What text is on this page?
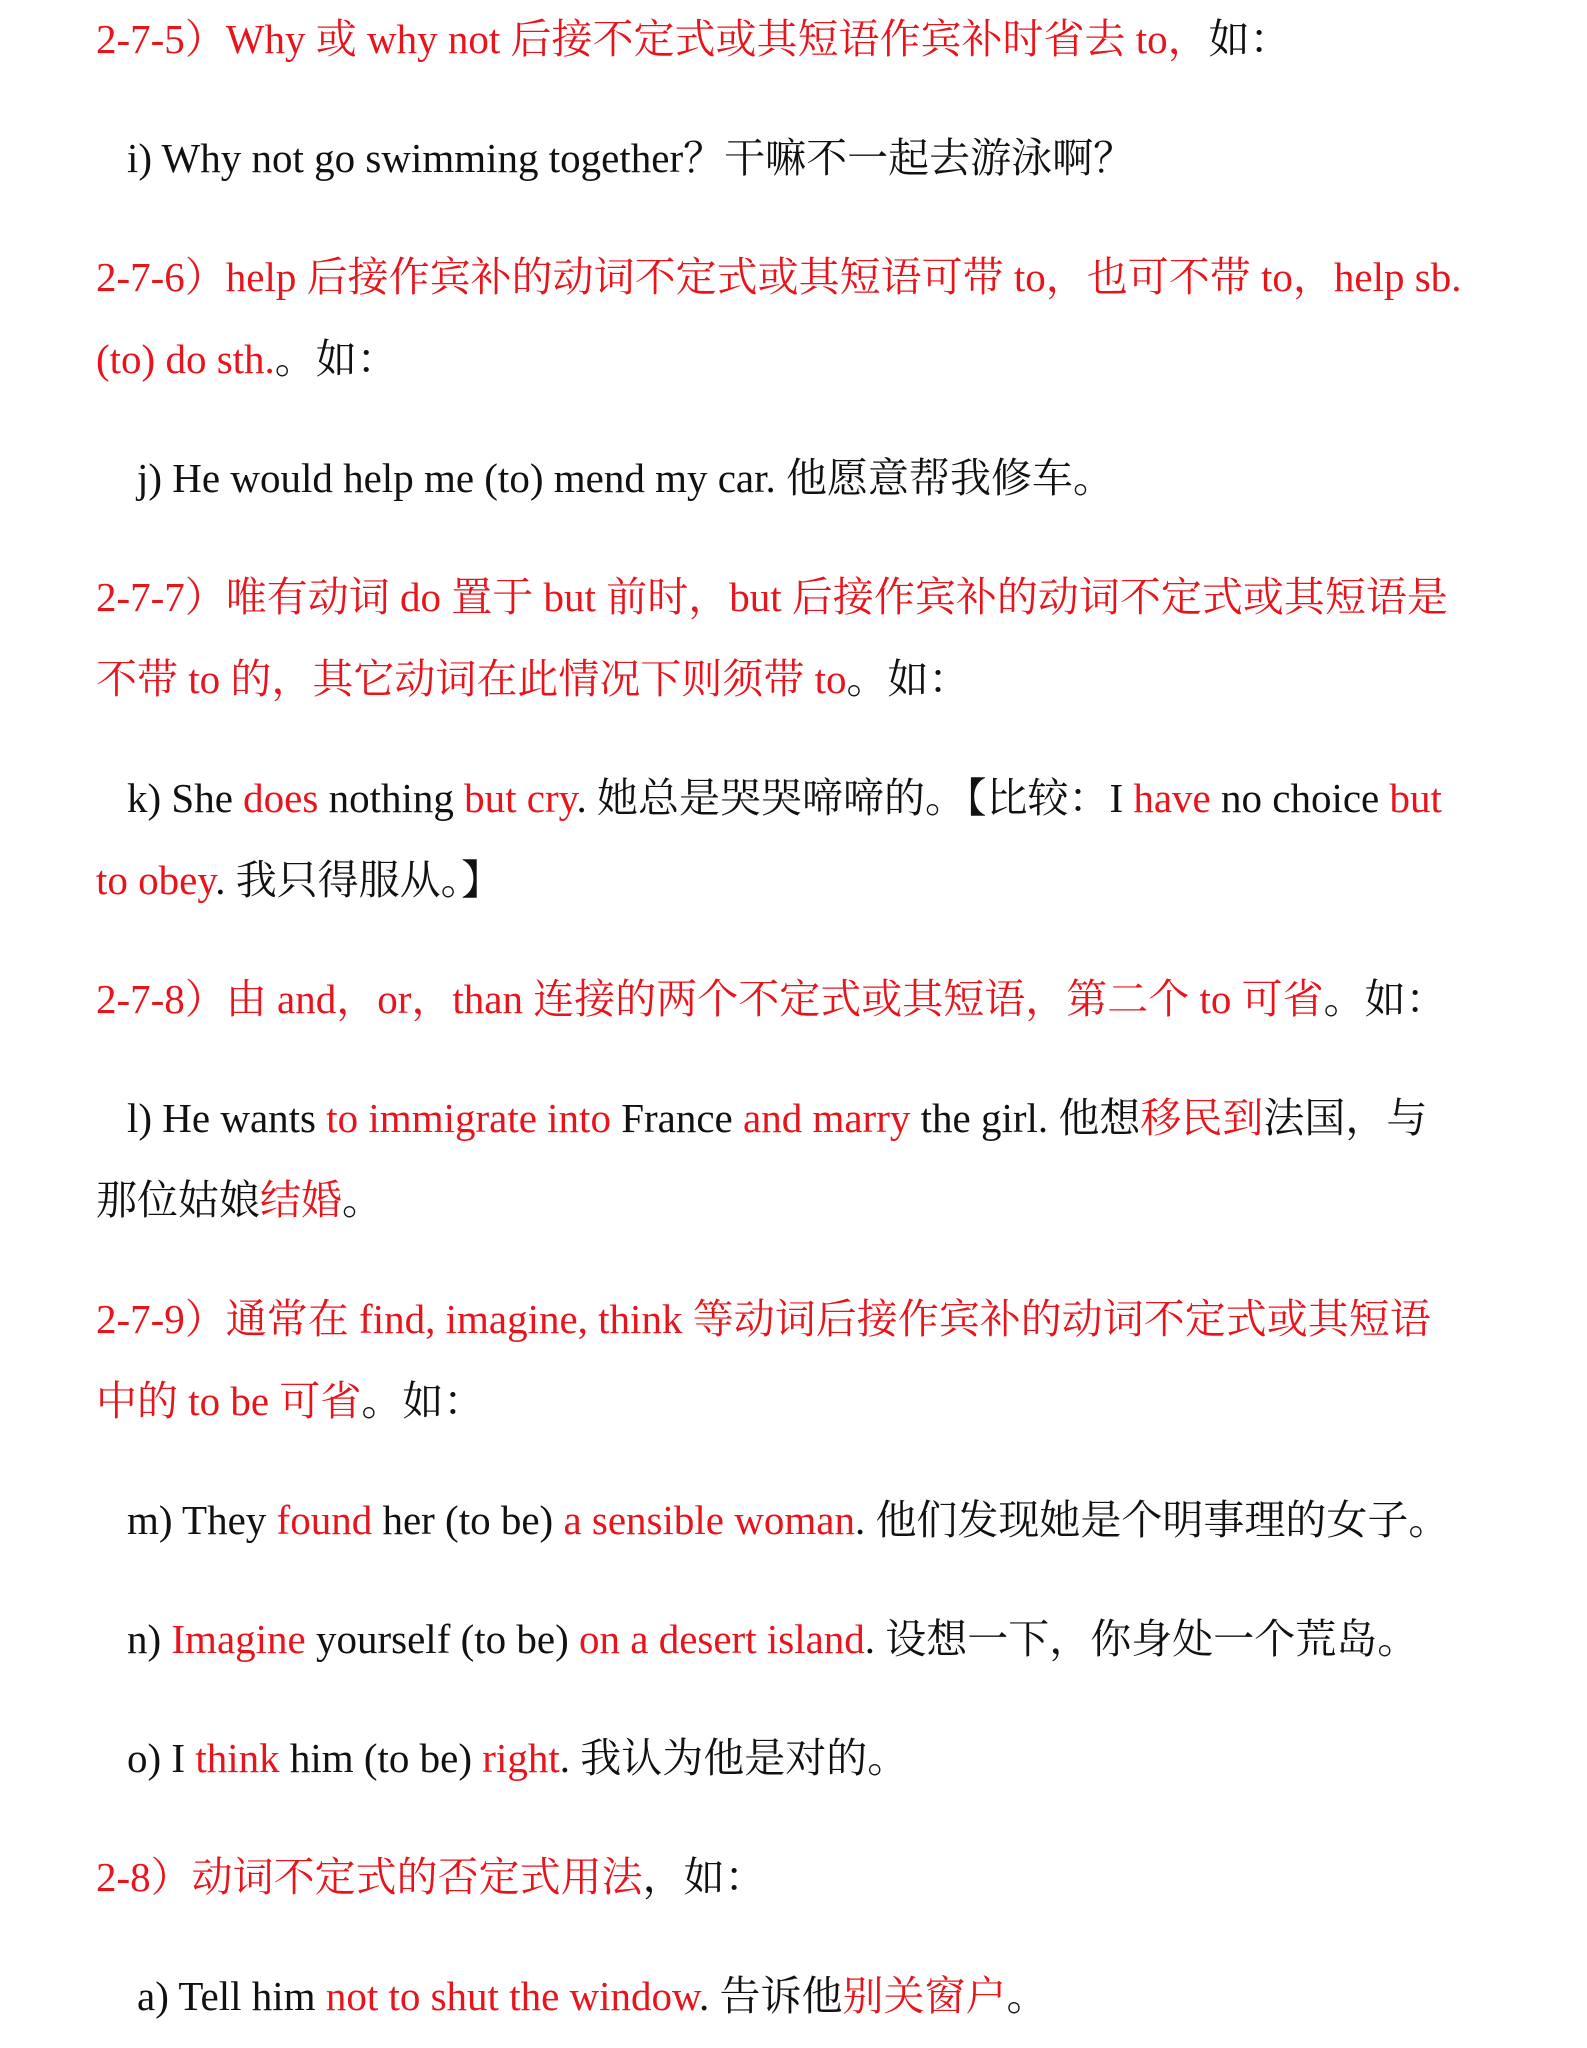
2-7-5）Why 或 why not 后接不定式或其短语作宾补时省去 to，如：
i) Why not go swimming together？干嘛不一起去游泳啊？
2-7-6）help 后接作宾补的动词不定式或其短语可带 to，也可不带 to，help sb.
(to) do sth.。如：
j) He would help me (to) mend my car. 他愿意帮我修车。
2-7-7）唯有动词 do 置于 but 前时，but 后接作宾补的动词不定式或其短语是
不带 to 的，其它动词在此情况下则须带 to。如：
k) She does nothing but cry. 她总是哭哭啼啼的。【比较：I have no choice but
to obey. 我只得服从。】
2-7-8）由 and，or，than 连接的两个不定式或其短语，第二个 to 可省。如：
l) He wants to immigrate into France and marry the girl. 他想移民到法国，与
那位姑娘结婚。
2-7-9）通常在 find, imagine, think 等动词后接作宾补的动词不定式或其短语
中的 to be 可省。如：
m) They found her (to be) a sensible woman. 他们发现她是个明事理的女子。
n) Imagine yourself (to be) on a desert island. 设想一下，你身处一个荒岛。
o) I think him (to be) right. 我认为他是对的。
2-8）动词不定式的否定式用法，如：
a) Tell him not to shut the window. 告诉他别关窗户。
